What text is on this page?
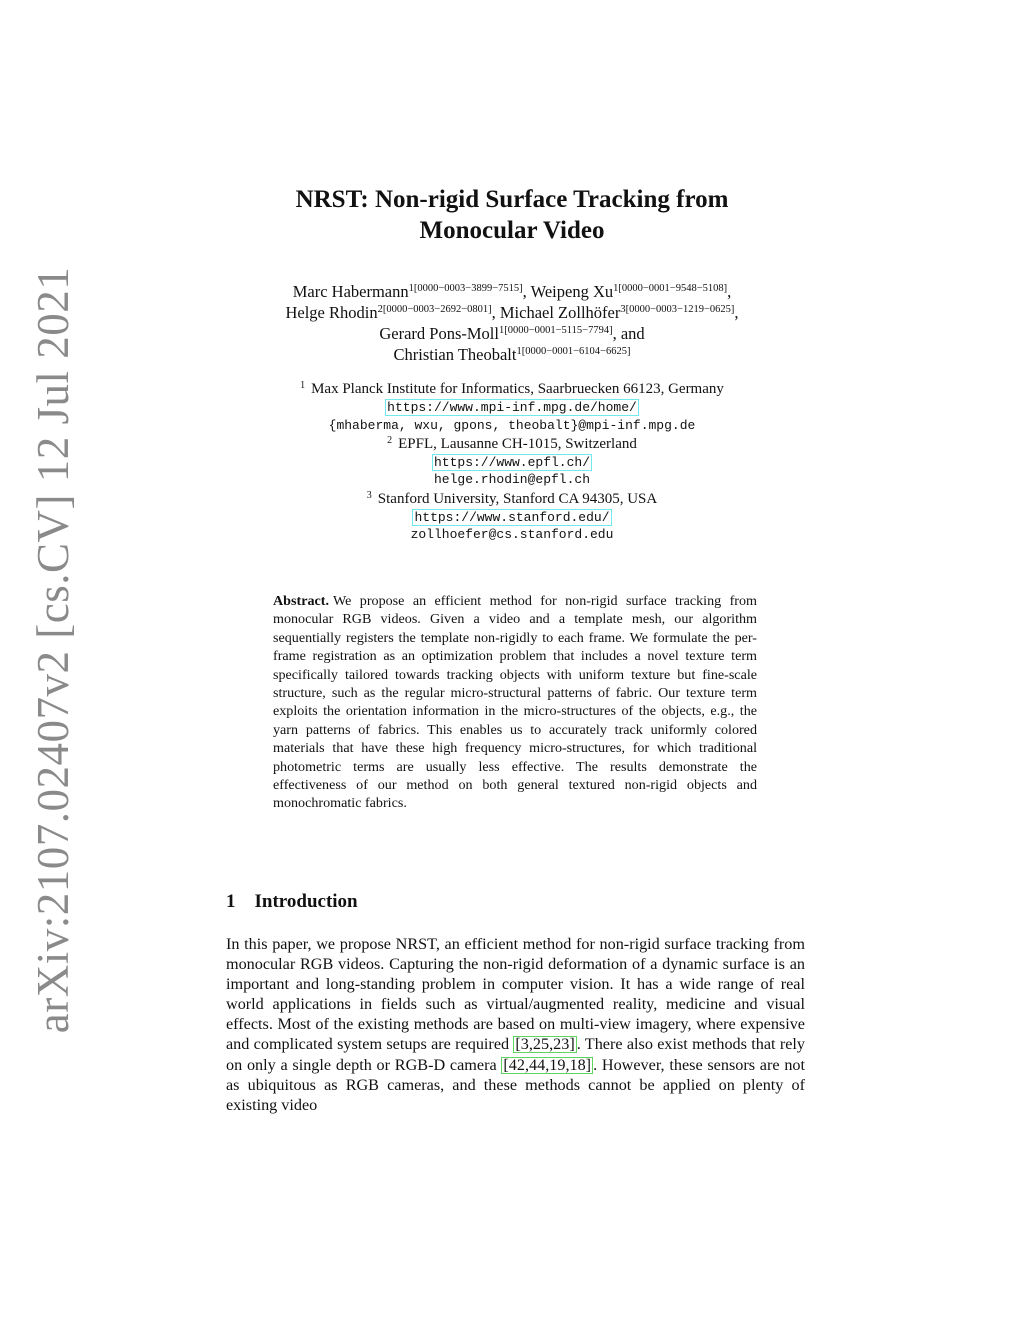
arXiv:2107.02407v2 [cs.CV] 12 Jul 2021
NRST: Non-rigid Surface Tracking from
Monocular Video
Marc Habermann$^{1[0000-0003-3899-7515]}$, Weipeng $Xu^{1[0000-0001-9548-5108]}$,
Helge Rhodin$^{2[0000-0003-2692-0801]}$, Michael Zollhöfer$^{3[0000-0003-1219-0625]}$,
Gerard Pons-Moll$^{1[0000-0001-5115-7794]}$, and
Christian Theobalt$^{1[0000-0001-6104-6625]}$
$^1$ Max Planck Institute for Informatics, Saarbruecken 66123, Germany
https://www.mpi-inf.mpg.de/home/
{mhaberma, wxu, gpons, theobalt}@mpi-inf.mpg.de
$^2$ EPFL, Lausanne CH-1015, Switzerland
https://www.epfl.ch/
helge.rhodin@epfl.ch
$^3$ Stanford University, Stanford CA 94305, USA
https://www.stanford.edu/
zollhoefer@cs.stanford.edu
Abstract. We propose an efficient method for non-rigid surface tracking from monocular RGB videos. Given a video and a template mesh, our algorithm sequentially registers the template non-rigidly to each frame. We formulate the per-frame registration as an optimization problem that includes a novel texture term specifically tailored towards tracking objects with uniform texture but fine-scale structure, such as the regular micro-structural patterns of fabric. Our texture term exploits the orientation information in the micro-structures of the objects, e.g., the yarn patterns of fabrics. This enables us to accurately track uniformly colored materials that have these high frequency micro-structures, for which traditional photometric terms are usually less effective. The results demonstrate the effectiveness of our method on both general textured non-rigid objects and monochromatic fabrics.
1 Introduction
In this paper, we propose NRST, an efficient method for non-rigid surface tracking from monocular RGB videos. Capturing the non-rigid deformation of a dynamic surface is an important and long-standing problem in computer vision. It has a wide range of real world applications in fields such as virtual/augmented reality, medicine and visual effects. Most of the existing methods are based on multi-view imagery, where expensive and complicated system setups are required [3,25,23] . There also exist methods that rely on only a single depth or RGB-D camera [42,44,19,18] . However, these sensors are not as ubiquitous as RGB cameras, and these methods cannot be applied on plenty of existing video
